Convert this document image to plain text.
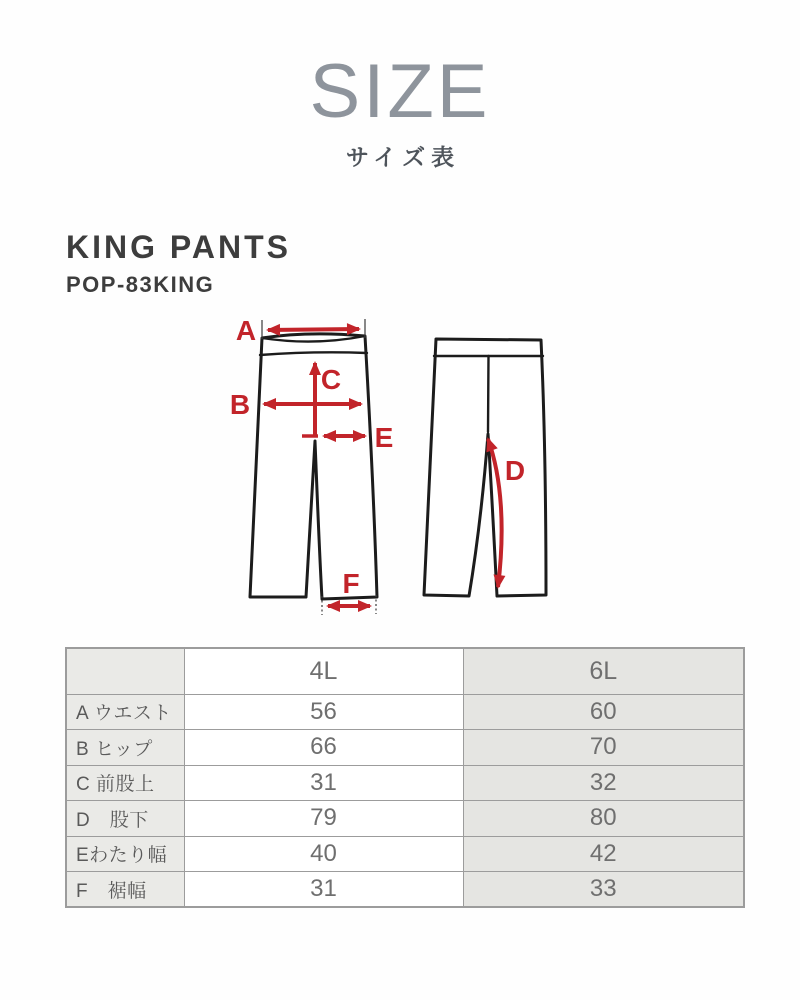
SIZE
サイズ表
KING PANTS
POP-83KING
A
C
B
E
F
D
	4L	6L
A ウエスト	56	60
B ヒップ	66	70
C 前股上	31	32
D　股下	79	80
Eわたり幅	40	42
F　裾幅	31	33
